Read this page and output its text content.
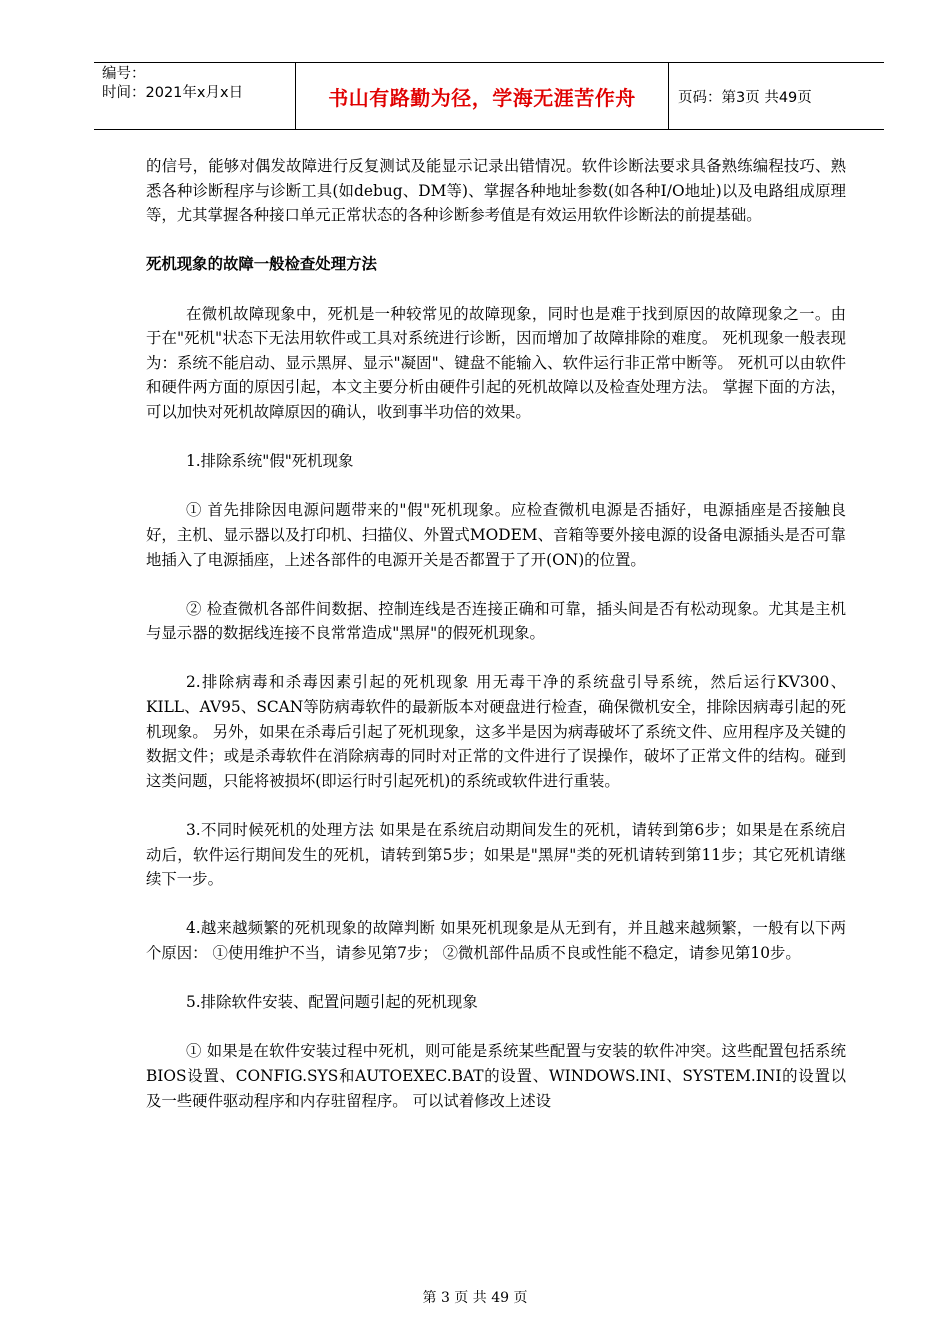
编号：
时间：2021年x月x日	书山有路勤为径，学海无涯苦作舟	页码：第3页 共49页

的信号，能够对偶发故障进行反复测试及能显示记录出错情况。软件诊断法要求具备熟练编程技巧、熟悉各种诊断程序与诊断工具(如debug、DM等)、掌握各种地址参数(如各种I/O地址)以及电路组成原理等，尤其掌握各种接口单元正常状态的各种诊断参考值是有效运用软件诊断法的前提基础。

死机现象的故障一般检查处理方法

在微机故障现象中，死机是一种较常见的故障现象，同时也是难于找到原因的故障现象之一。由于在"死机"状态下无法用软件或工具对系统进行诊断，因而增加了故障排除的难度。 死机现象一般表现为：系统不能启动、显示黑屏、显示"凝固"、键盘不能输入、软件运行非正常中断等。 死机可以由软件和硬件两方面的原因引起，本文主要分析由硬件引起的死机故障以及检查处理方法。 掌握下面的方法，可以加快对死机故障原因的确认，收到事半功倍的效果。

1.排除系统"假"死机现象

① 首先排除因电源问题带来的"假"死机现象。应检查微机电源是否插好，电源插座是否接触良好，主机、显示器以及打印机、扫描仪、外置式MODEM、音箱等要外接电源的设备电源插头是否可靠地插入了电源插座，上述各部件的电源开关是否都置于了开(ON)的位置。

② 检查微机各部件间数据、控制连线是否连接正确和可靠，插头间是否有松动现象。尤其是主机与显示器的数据线连接不良常常造成"黑屏"的假死机现象。

2.排除病毒和杀毒因素引起的死机现象 用无毒干净的系统盘引导系统，然后运行KV300、KILL、AV95、SCAN等防病毒软件的最新版本对硬盘进行检查，确保微机安全，排除因病毒引起的死机现象。 另外，如果在杀毒后引起了死机现象，这多半是因为病毒破坏了系统文件、应用程序及关键的数据文件；或是杀毒软件在消除病毒的同时对正常的文件进行了误操作，破坏了正常文件的结构。碰到这类问题，只能将被损坏(即运行时引起死机)的系统或软件进行重装。

3.不同时候死机的处理方法 如果是在系统启动期间发生的死机，请转到第6步；如果是在系统启动后，软件运行期间发生的死机，请转到第5步；如果是"黑屏"类的死机请转到第11步；其它死机请继续下一步。

4.越来越频繁的死机现象的故障判断 如果死机现象是从无到有，并且越来越频繁，一般有以下两个原因： ①使用维护不当，请参见第7步； ②微机部件品质不良或性能不稳定，请参见第10步。

5.排除软件安装、配置问题引起的死机现象

① 如果是在软件安装过程中死机，则可能是系统某些配置与安装的软件冲突。这些配置包括系统BIOS设置、CONFIG.SYS和AUTOEXEC.BAT的设置、WINDOWS.INI、SYSTEM.INI的设置以及一些硬件驱动程序和内存驻留程序。 可以试着修改上述设

第 3 页 共 49 页
